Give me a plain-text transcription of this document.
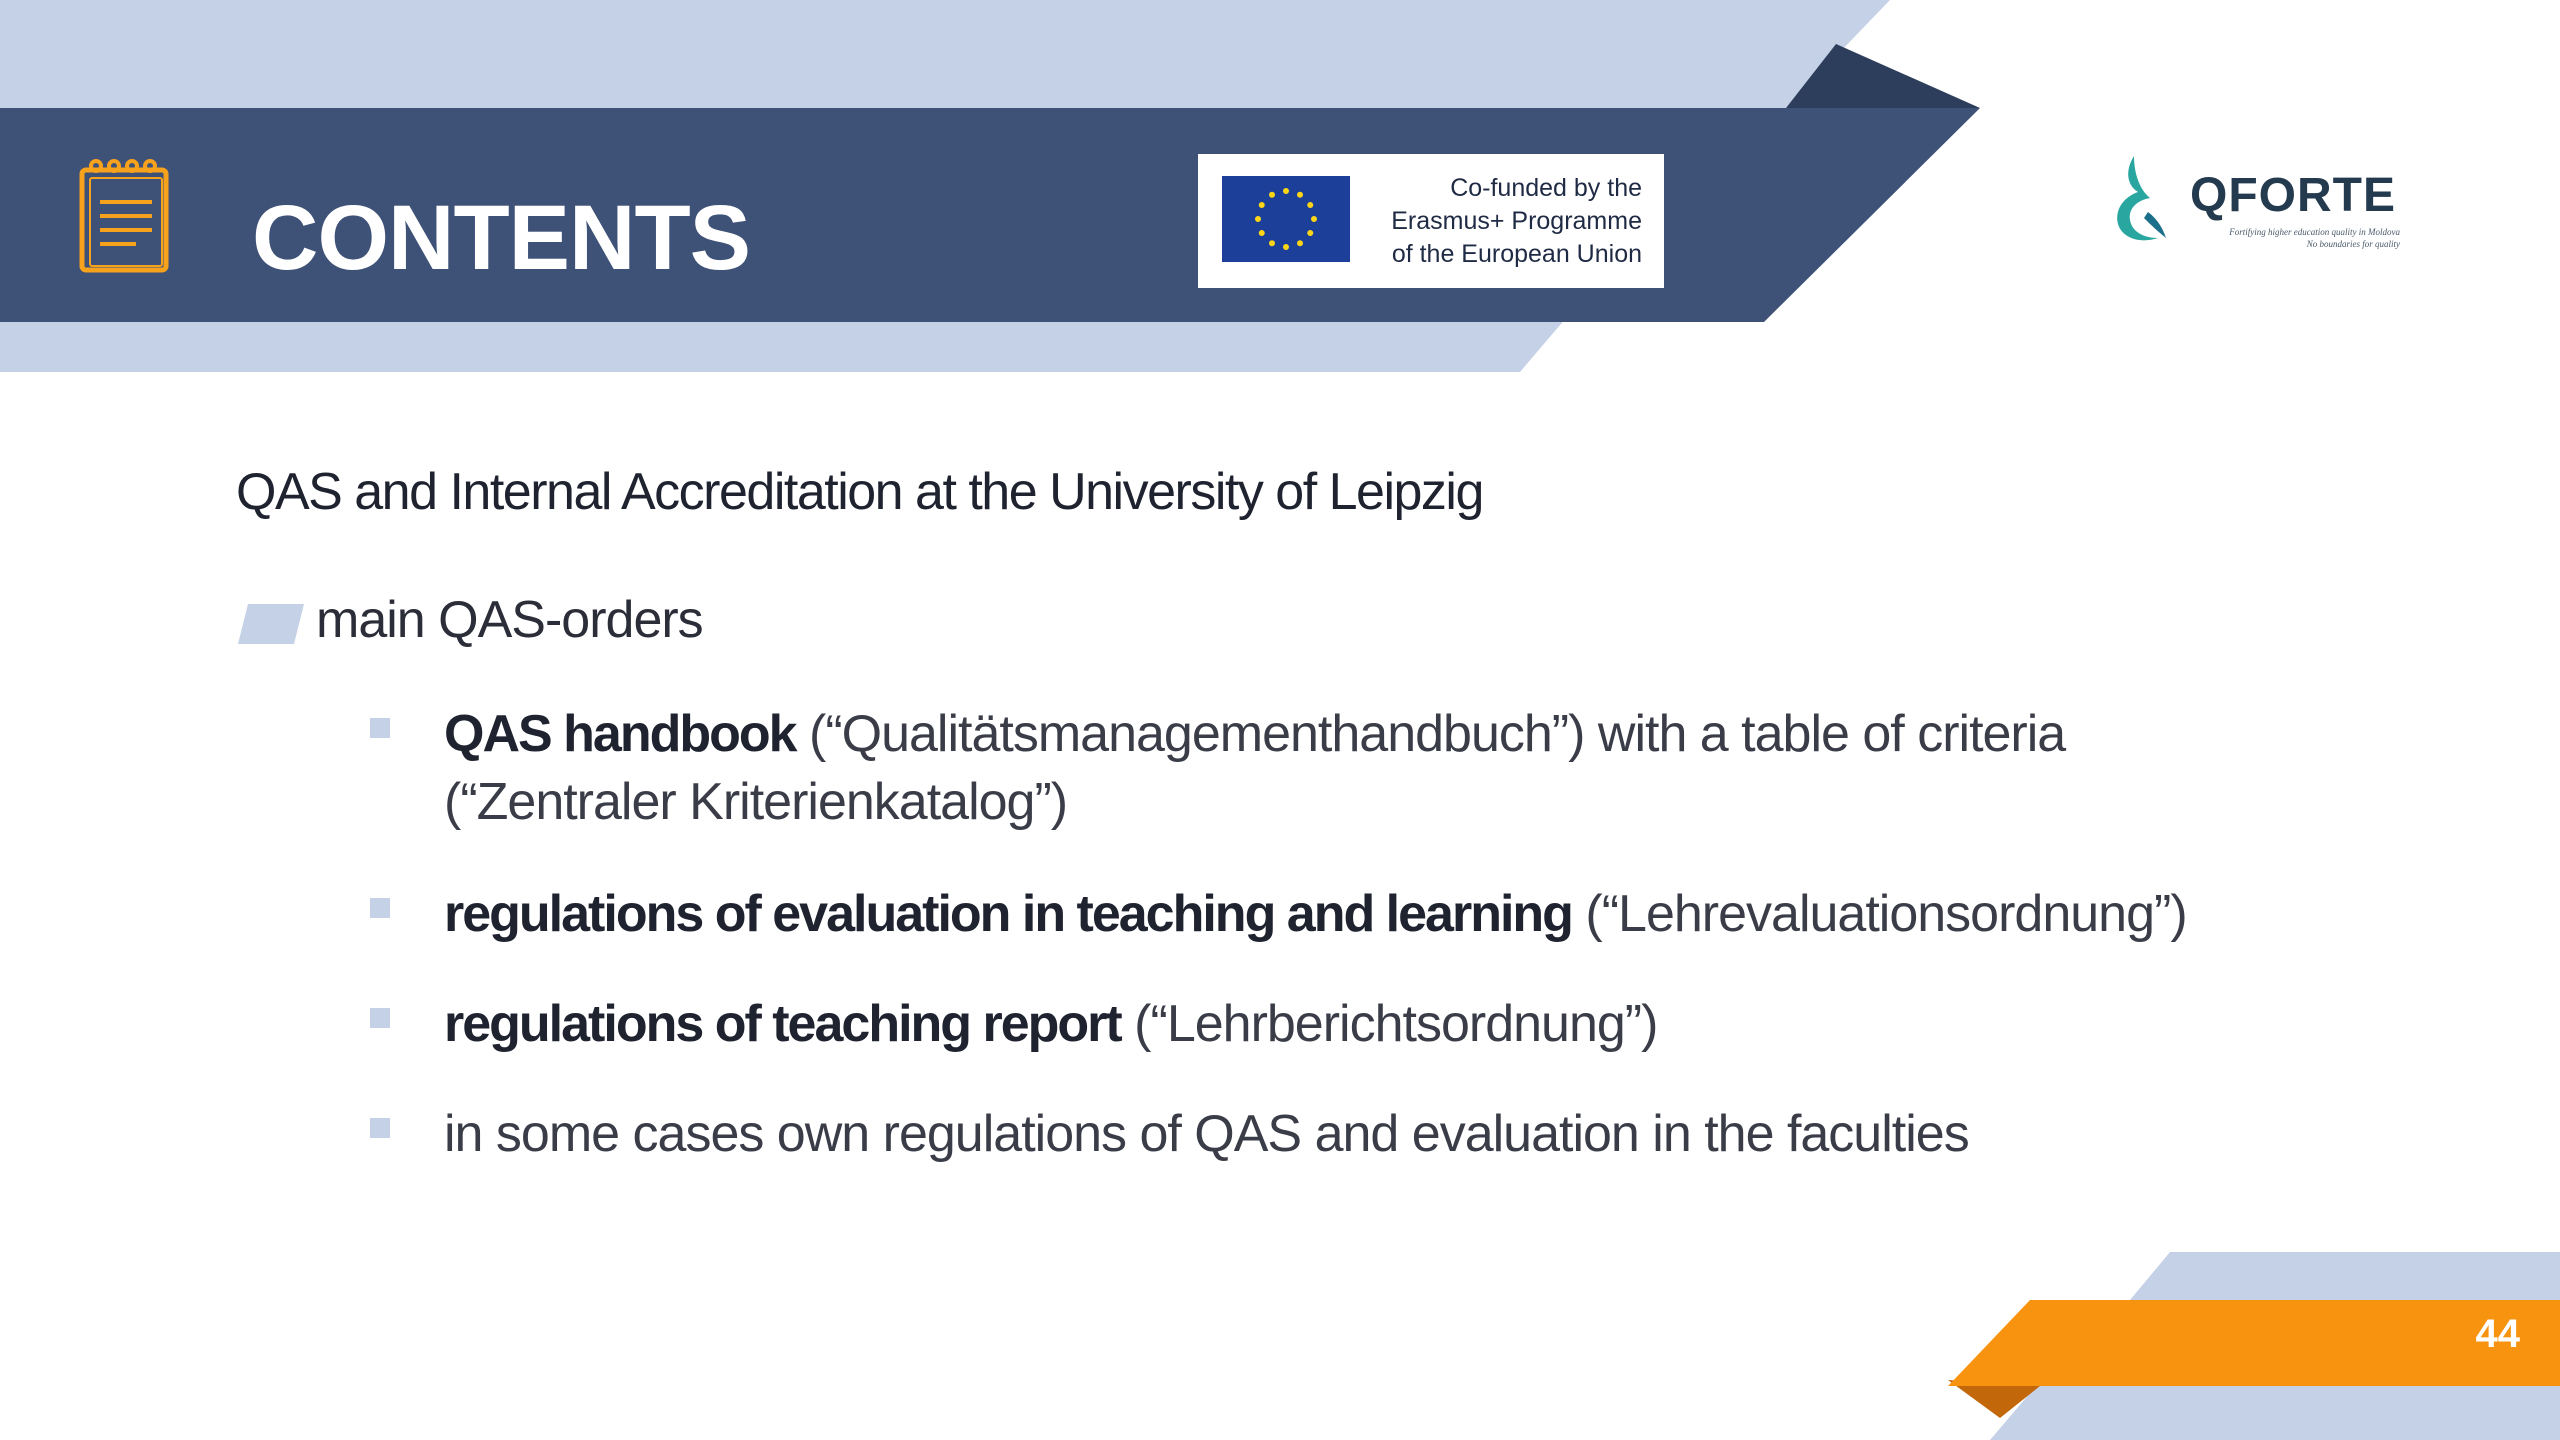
CONTENTS	Co-funded by the
Erasmus+ Programme
of the European Union
QFORTE
Fortifying higher education quality in Moldova
No boundaries for quality
QAS and Internal Accreditation at the University of Leipzig
main QAS-orders
QAS handbook (“Qualitätsmanagementhandbuch”) with a table of criteria
(“Zentraler Kriterienkatalog”)
regulations of evaluation in teaching and learning (“Lehrevaluationsordnung”)
regulations of teaching report (“Lehrberichtsordnung”)
in some cases own regulations of QAS and evaluation in the faculties
44
